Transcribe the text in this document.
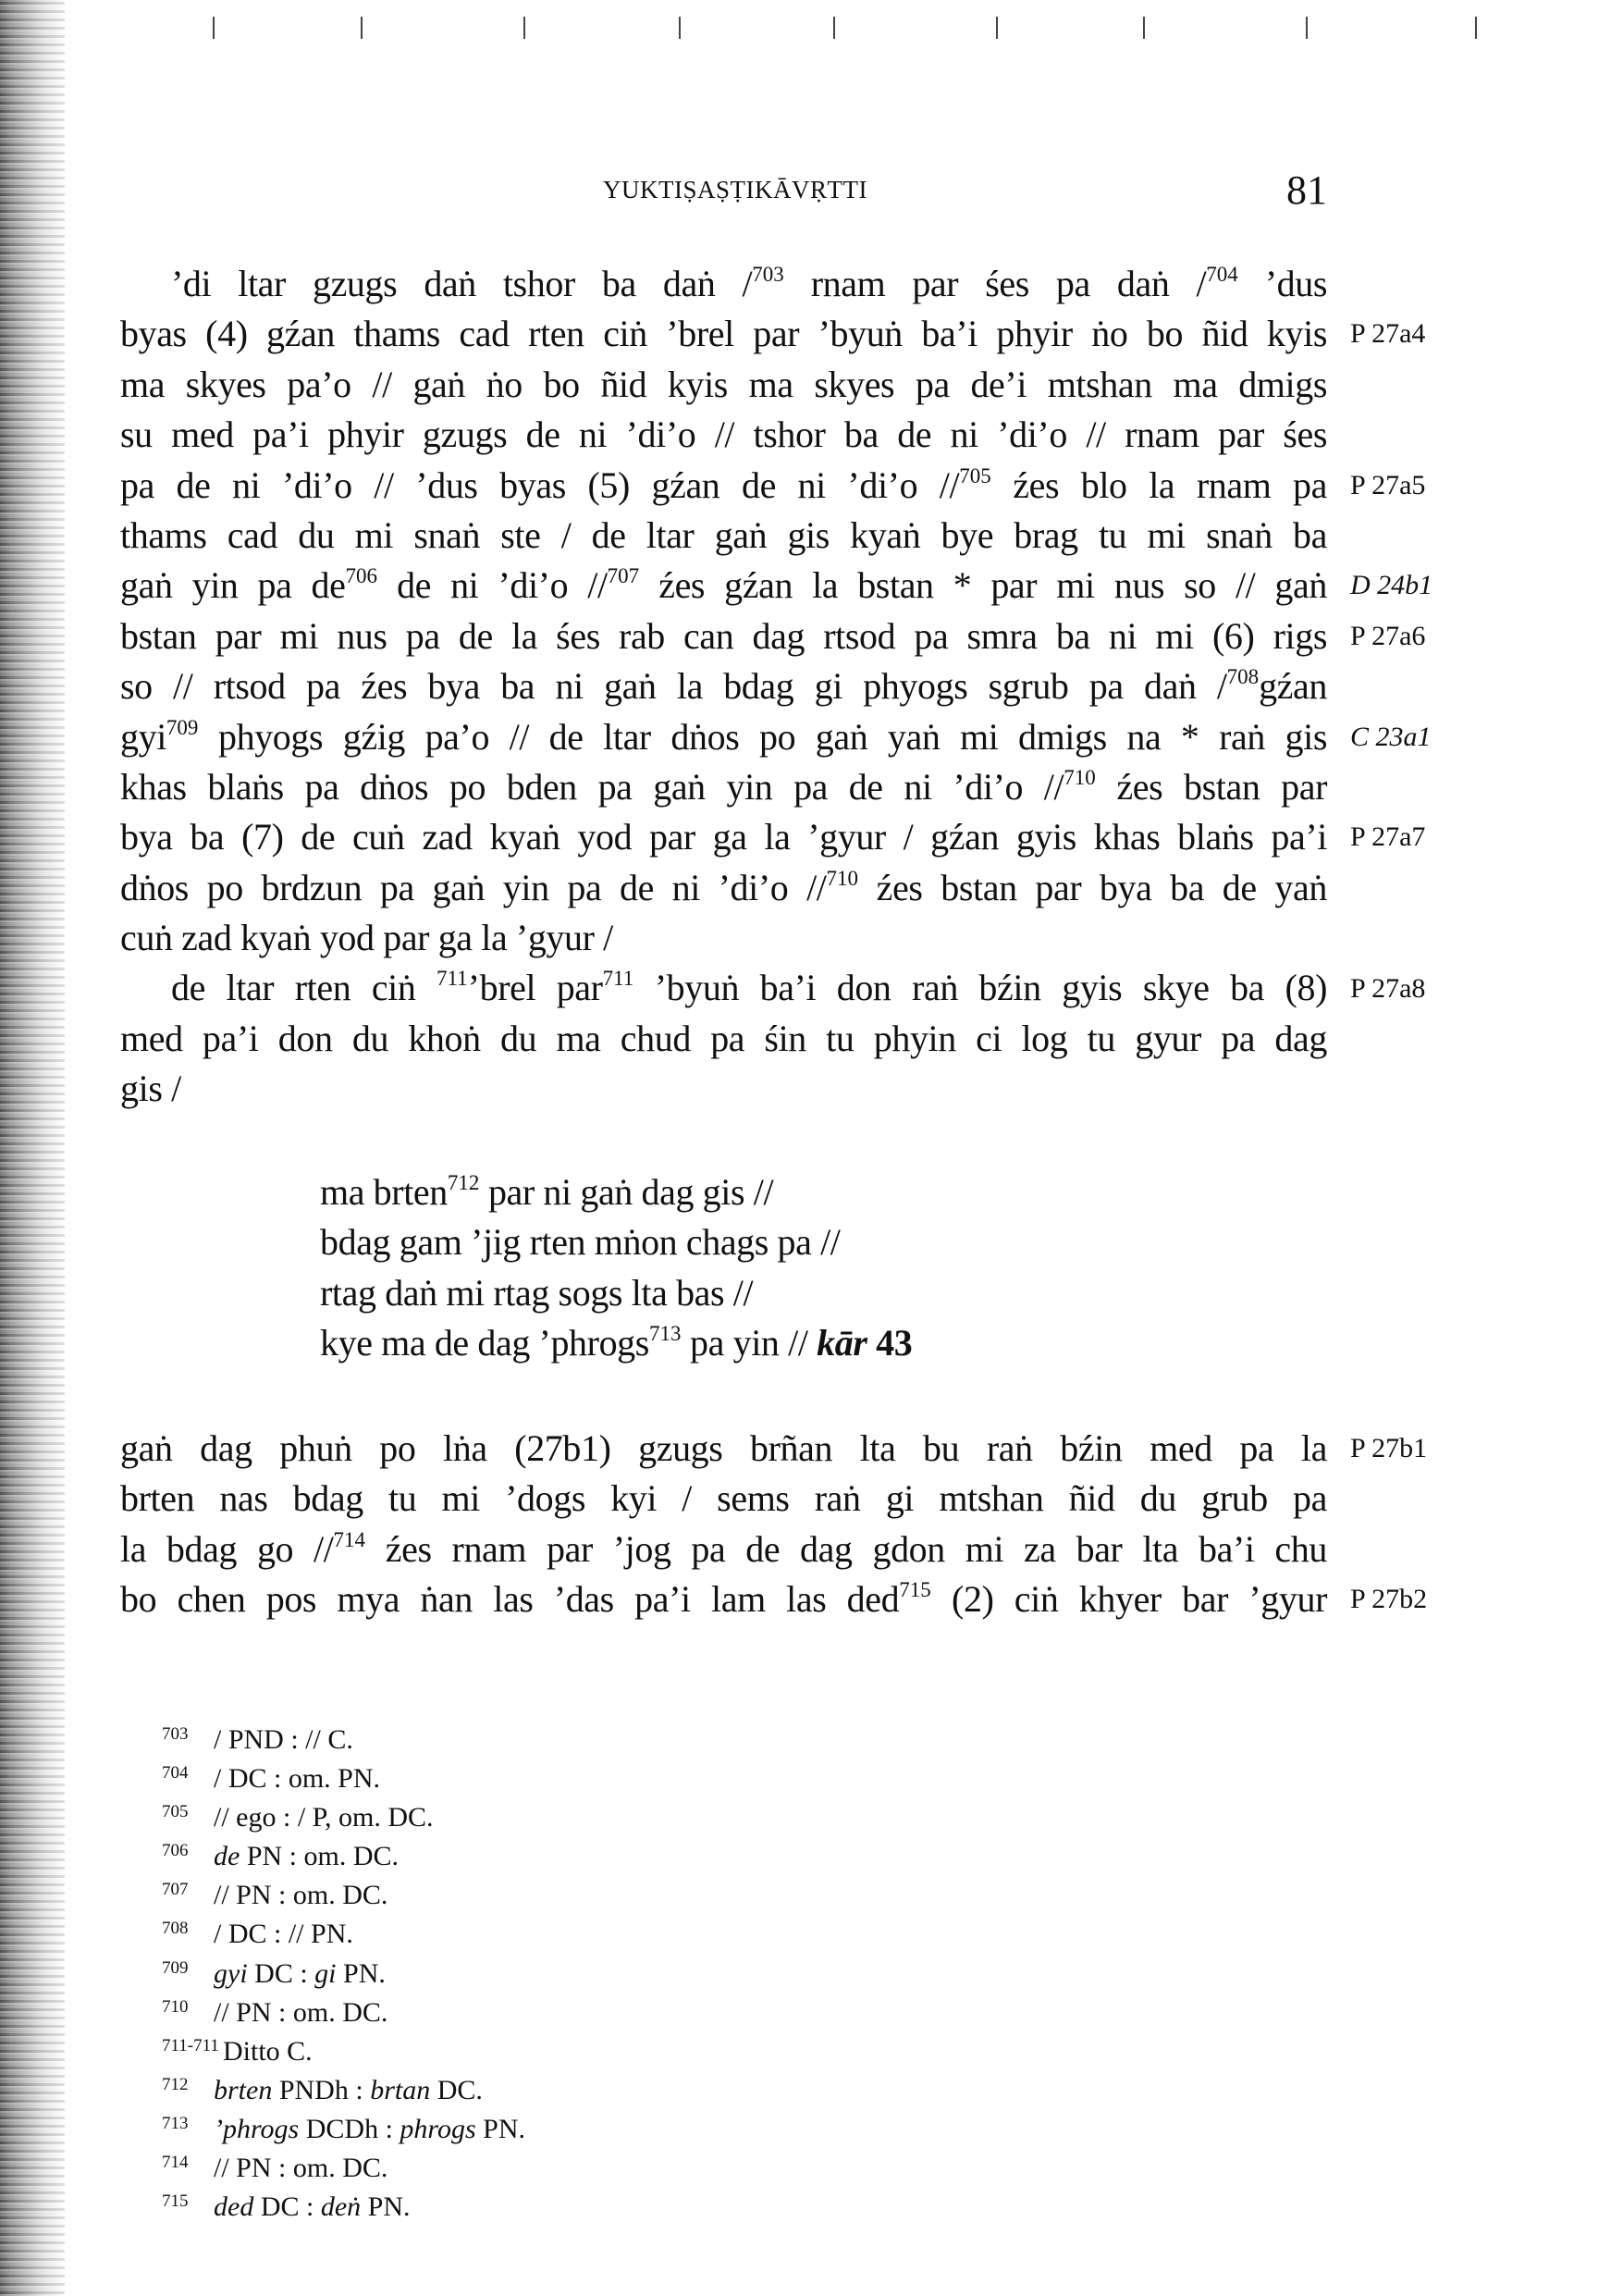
YUKTIṢAṢṬIKĀVṚTTI	81
’di ltar gzugs daṅ tshor ba daṅ /$^{703}$ rnam par śes pa daṅ /$^{704}$ ’dus
byas (4) gźan thams cad rten ciṅ ’brel par ’byuṅ ba’i phyir ṅo bo ñid kyis
ma skyes pa’o // gaṅ ṅo bo ñid kyis ma skyes pa de’i mtshan ma dmigs
su med pa’i phyir gzugs de ni ’di’o // tshor ba de ni ’di’o // rnam par śes
pa de ni ’di’o // ’dus byas (5) gźan de ni ’di’o //$^{705}$ źes blo la rnam pa
thams cad du mi snaṅ ste / de ltar gaṅ gis kyaṅ bye brag tu mi snaṅ ba
gaṅ yin pa $de^{706}$ de ni ’di’o //$^{707}$ źes gźan la bstan * par mi nus so // gaṅ
bstan par mi nus pa de la śes rab can dag rtsod pa smra ba ni mi (6) rigs
so // rtsod pa źes bya ba ni gaṅ la bdag gi phyogs sgrub pa daṅ /$^{708}$gźan
gyi$^{709}$ phyogs gźig pa’o // de ltar dṅos po gaṅ yaṅ mi dmigs na * raṅ gis
khas blaṅs pa dṅos po bden pa gaṅ yin pa de ni ’di’o //$^{710}$ źes bstan par
bya ba (7) de cuṅ zad kyaṅ yod par ga la ’gyur / gźan gyis khas blaṅs pa’i
dṅos po brdzun pa gaṅ yin pa de ni ’di’o //$^{710}$ źes bstan par bya ba de yaṅ
cuṅ zad kyaṅ yod par ga la ’gyur /
de ltar rten ciṅ $^{711}$’brel par$^{711}$ ’byuṅ ba’i don raṅ bźin gyis skye ba (8)
med pa’i don du khoṅ du ma chud pa śin tu phyin ci log tu gyur pa dag
gis /
ma brten$^{712}$ par ni gaṅ dag gis //
bdag gam ’jig rten mṅon chags pa //
rtag daṅ mi rtag sogs lta bas //
kye ma de dag ’phrogs$^{713}$ pa yin // kār 43
gaṅ dag phuṅ po lṅa (27b1) gzugs brñan lta bu raṅ bźin med pa la
brten nas bdag tu mi ’dogs kyi / sems raṅ gi mtshan ñid du grub pa
la bdag go //$^{714}$ źes rnam par ’jog pa de dag gdon mi za bar lta ba’i chu
bo chen pos mya ṅan las ’das pa’i lam las ded$^{715}$ (2) ciṅ khyer bar ’gyur
703 / PND : // C.
704 / DC : om. PN.
705 // ego : / P, om. DC.
706 de PN : om. DC.
707 // PN : om. DC.
708 / DC : // PN.
709 gyi DC : gi PN.
710 // PN : om. DC.
711-711 Ditto C.
712 brten PNDh : brtan DC.
713 ’phrogs DCDh : phrogs PN.
714 // PN : om. DC.
715 ded DC : deṅ PN.
P 27a4
P 27a5
D 24b1
P 27a6
C 23a1
P 27a7
P 27a8
P 27b1
P 27b2
